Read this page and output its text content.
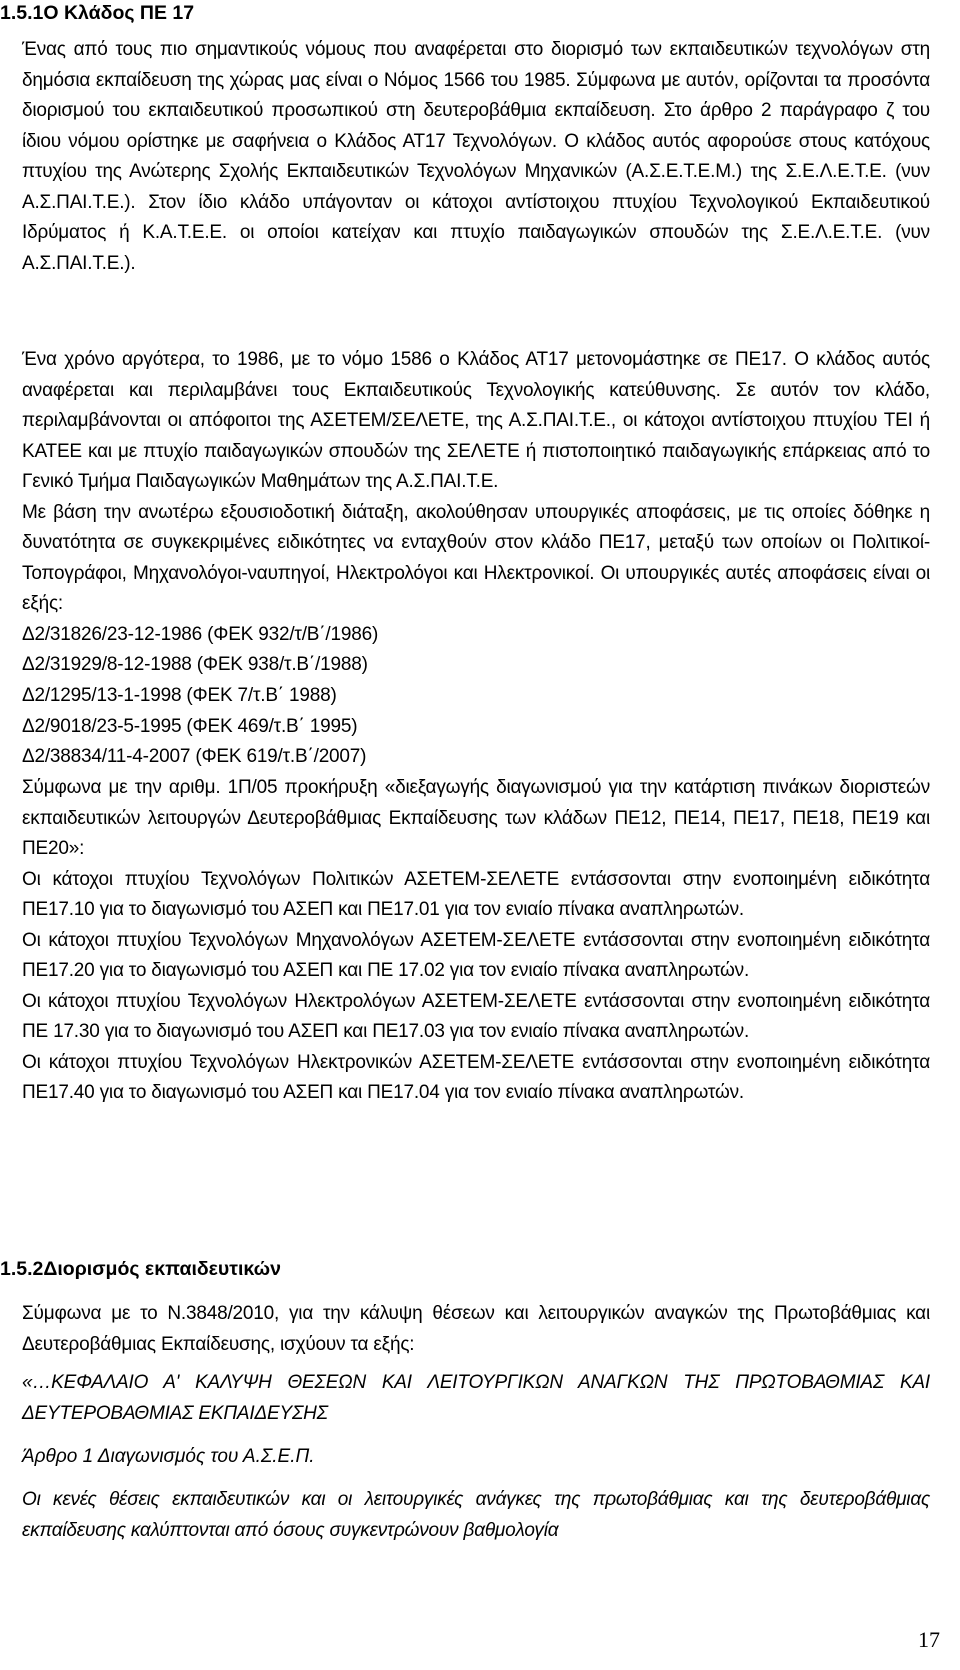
1.5.1Ο Κλάδος ΠΕ 17

Ένας από τους πιο σημαντικούς νόμους που αναφέρεται στο διορισμό των εκπαιδευτικών τεχνολόγων στη δημόσια εκπαίδευση της χώρας μας είναι ο Νόμος 1566 του 1985. Σύμφωνα με αυτόν, ορίζονται τα προσόντα διορισμού του εκπαιδευτικού προσωπικού στη δευτεροβάθμια εκπαίδευση. Στο άρθρο 2 παράγραφο ζ του ίδιου νόμου ορίστηκε με σαφήνεια ο Κλάδος ΑΤ17 Τεχνολόγων. Ο κλάδος αυτός αφορούσε στους κατόχους πτυχίου της Ανώτερης Σχολής Εκπαιδευτικών Τεχνολόγων Μηχανικών (Α.Σ.Ε.Τ.Ε.Μ.) της Σ.Ε.Λ.Ε.Τ.Ε. (νυν Α.Σ.ΠΑΙ.Τ.Ε.). Στον ίδιο κλάδο υπάγονταν οι κάτοχοι αντίστοιχου πτυχίου Τεχνολογικού Εκπαιδευτικού Ιδρύματος ή Κ.Α.Τ.Ε.Ε. οι οποίοι κατείχαν και πτυχίο παιδαγωγικών σπουδών της Σ.Ε.Λ.Ε.Τ.Ε. (νυν Α.Σ.ΠΑΙ.Τ.Ε.).

Ένα χρόνο αργότερα, το 1986, με το νόμο 1586 ο Κλάδος ΑΤ17 μετονομάστηκε σε ΠΕ17. Ο κλάδος αυτός αναφέρεται και περιλαμβάνει τους Εκπαιδευτικούς Τεχνολογικής κατεύθυνσης. Σε αυτόν τον κλάδο, περιλαμβάνονται οι απόφοιτοι της ΑΣΕΤΕΜ/ΣΕΛΕΤΕ, της Α.Σ.ΠΑΙ.Τ.Ε., οι κάτοχοι αντίστοιχου πτυχίου ΤΕΙ ή ΚΑΤΕΕ και με πτυχίο παιδαγωγικών σπουδών της ΣΕΛΕΤΕ ή πιστοποιητικό παιδαγωγικής επάρκειας από το Γενικό Τμήμα Παιδαγωγικών Μαθημάτων της Α.Σ.ΠΑΙ.Τ.Ε.

Με βάση την ανωτέρω εξουσιοδοτική διάταξη, ακολούθησαν υπουργικές αποφάσεις, με τις οποίες δόθηκε η δυνατότητα σε συγκεκριμένες ειδικότητες να ενταχθούν στον κλάδο ΠΕ17, μεταξύ των οποίων οι Πολιτικοί-Τοπογράφοι, Μηχανολόγοι-ναυπηγοί, Ηλεκτρολόγοι και Ηλεκτρονικοί. Οι υπουργικές αυτές αποφάσεις είναι οι εξής:

Δ2/31826/23-12-1986 (ΦΕΚ 932/τ/Β΄/1986)
Δ2/31929/8-12-1988 (ΦΕΚ 938/τ.Β΄/1988)
Δ2/1295/13-1-1998 (ΦΕΚ 7/τ.Β΄ 1988)
Δ2/9018/23-5-1995 (ΦΕΚ 469/τ.Β΄ 1995)
Δ2/38834/11-4-2007 (ΦΕΚ 619/τ.Β΄/2007)

Σύμφωνα με την αριθμ. 1Π/05 προκήρυξη «διεξαγωγής διαγωνισμού για την κατάρτιση πινάκων διοριστεών εκπαιδευτικών λειτουργών Δευτεροβάθμιας Εκπαίδευσης των κλάδων ΠΕ12, ΠΕ14, ΠΕ17, ΠΕ18, ΠΕ19 και ΠΕ20»:

Οι κάτοχοι πτυχίου Τεχνολόγων Πολιτικών ΑΣΕΤΕΜ-ΣΕΛΕΤΕ εντάσσονται στην ενοποιημένη ειδικότητα ΠΕ17.10 για το διαγωνισμό του ΑΣΕΠ και ΠΕ17.01 για τον ενιαίο πίνακα αναπληρωτών.

Οι κάτοχοι πτυχίου Τεχνολόγων Μηχανολόγων ΑΣΕΤΕΜ-ΣΕΛΕΤΕ εντάσσονται στην ενοποιημένη ειδικότητα ΠΕ17.20 για το διαγωνισμό του ΑΣΕΠ και ΠΕ 17.02 για τον ενιαίο πίνακα αναπληρωτών.

Οι κάτοχοι πτυχίου Τεχνολόγων Ηλεκτρολόγων ΑΣΕΤΕΜ-ΣΕΛΕΤΕ εντάσσονται στην ενοποιημένη ειδικότητα ΠΕ 17.30 για το διαγωνισμό του ΑΣΕΠ και ΠΕ17.03 για τον ενιαίο πίνακα αναπληρωτών.

Οι κάτοχοι πτυχίου Τεχνολόγων Ηλεκτρονικών ΑΣΕΤΕΜ-ΣΕΛΕΤΕ εντάσσονται στην ενοποιημένη ειδικότητα ΠΕ17.40 για το διαγωνισμό του ΑΣΕΠ και ΠΕ17.04 για τον ενιαίο πίνακα αναπληρωτών.

1.5.2Διορισμός εκπαιδευτικών

Σύμφωνα με το Ν.3848/2010, για την κάλυψη θέσεων και λειτουργικών αναγκών της Πρωτοβάθμιας και Δευτεροβάθμιας Εκπαίδευσης, ισχύουν τα εξής:

«…ΚΕΦΑΛΑΙΟ Α' ΚΑΛΥΨΗ ΘΕΣΕΩΝ ΚΑΙ ΛΕΙΤΟΥΡΓΙΚΩΝ ΑΝΑΓΚΩΝ ΤΗΣ ΠΡΩΤΟΒΑΘΜΙΑΣ ΚΑΙ ΔΕΥΤΕΡΟΒΑΘΜΙΑΣ ΕΚΠΑΙΔΕΥΣΗΣ

Άρθρο 1 Διαγωνισμός του Α.Σ.Ε.Π.

Οι κενές θέσεις εκπαιδευτικών και οι λειτουργικές ανάγκες της πρωτοβάθμιας και της δευτεροβάθμιας εκπαίδευσης καλύπτονται από όσους συγκεντρώνουν βαθμολογία

17
